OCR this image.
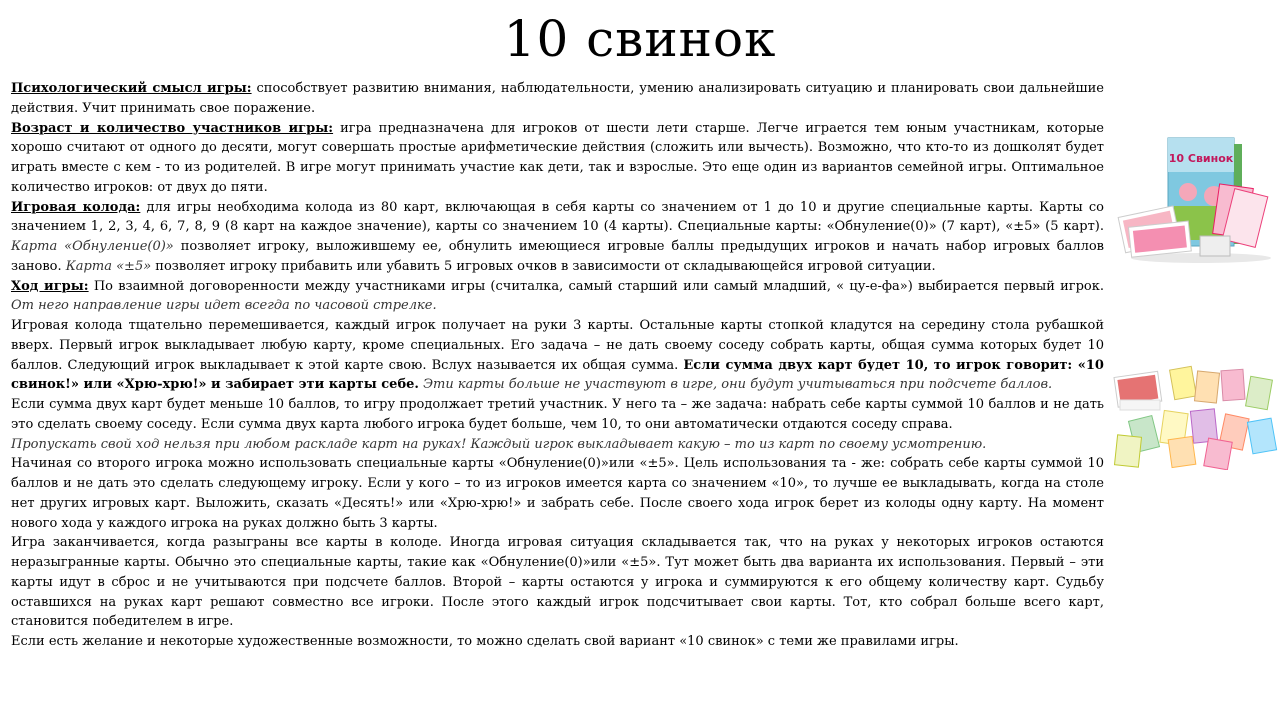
10 свинок

Психологический смысл игры: способствует развитию внимания, наблюдательности, умению анализировать ситуацию и планировать свои дальнейшие действия. Учит принимать свое поражение.

Возраст и количество участников игры: игра предназначена для игроков от шести лети старше. Легче играется тем юным участникам, которые хорошо считают от одного до десяти, могут совершать простые арифметические действия (сложить или вычесть). Возможно, что кто-то из дошколят будет играть вместе с кем - то из родителей. В игре могут принимать участие как дети, так и взрослые. Это еще один из вариантов семейной игры. Оптимальное количество игроков: от двух до пяти.

Игровая колода: для игры необходима колода из 80 карт, включающая в себя карты со значением от 1 до 10 и другие специальные карты. Карты со значением 1, 2, 3, 4, 6, 7, 8, 9 (8 карт на каждое значение), карты со значением 10 (4 карты). Специальные карты: «Обнуление(0)» (7 карт), «±5» (5 карт). Карта «Обнуление(0)» позволяет игроку, выложившему ее, обнулить имеющиеся игровые баллы предыдущих игроков и начать набор игровых баллов заново. Карта «±5» позволяет игроку прибавить или убавить 5 игровых очков в зависимости от складывающейся игровой ситуации.

Ход игры: По взаимной договоренности между участниками игры (считалка, самый старший или самый младший, « цу-е-фа») выбирается первый игрок. От него направление игры идет всегда по часовой стрелке.

Игровая колода тщательно перемешивается, каждый игрок получает на руки 3 карты. Остальные карты стопкой кладутся на середину стола рубашкой вверх. Первый игрок выкладывает любую карту, кроме специальных. Его задача – не дать своему соседу собрать карты, общая сумма которых будет 10 баллов. Следующий игрок выкладывает к этой карте свою. Вслух называется их общая сумма. Если сумма двух карт будет 10, то игрок говорит: «10 свинок!» или «Хрю-хрю!» и забирает эти карты себе. Эти карты больше не участвуют в игре, они будут учитываться при подсчете баллов.

Если сумма двух карт будет меньше 10 баллов, то игру продолжает третий участник. У него та – же задача: набрать себе карты суммой 10 баллов и не дать это сделать своему соседу. Если сумма двух карта любого игрока будет больше, чем 10, то они автоматически отдаются соседу справа.

Пропускать свой ход нельзя при любом раскладе карт на руках! Каждый игрок выкладывает какую – то из карт по своему усмотрению.

Начиная со второго игрока можно использовать специальные карты «Обнуление(0)»или «±5». Цель использования та - же: собрать себе карты суммой 10 баллов и не дать это сделать следующему игроку. Если у кого – то из игроков имеется карта со значением «10», то лучше ее выкладывать, когда на столе нет других игровых карт. Выложить, сказать «Десять!» или «Хрю-хрю!» и забрать себе. После своего хода игрок берет из колоды одну карту. На момент нового хода у каждого игрока на руках должно быть 3 карты.

Игра заканчивается, когда разыграны все карты в колоде. Иногда игровая ситуация складывается так, что на руках у некоторых игроков остаются неразыгранные карты. Обычно это специальные карты, такие как «Обнуление(0)»или «±5». Тут может быть два варианта их использования. Первый – эти карты идут в сброс и не учитываются при подсчете баллов. Второй – карты остаются у игрока и суммируются к его общему количеству карт. Судьбу оставшихся на руках карт решают совместно все игроки. После этого каждый игрок подсчитывает свои карты. Тот, кто собрал больше всего карт, становится победителем в игре.

Если есть желание и некоторые художественные возможности, то можно сделать свой вариант «10 свинок» с теми же правилами игры.

10 Свинок
